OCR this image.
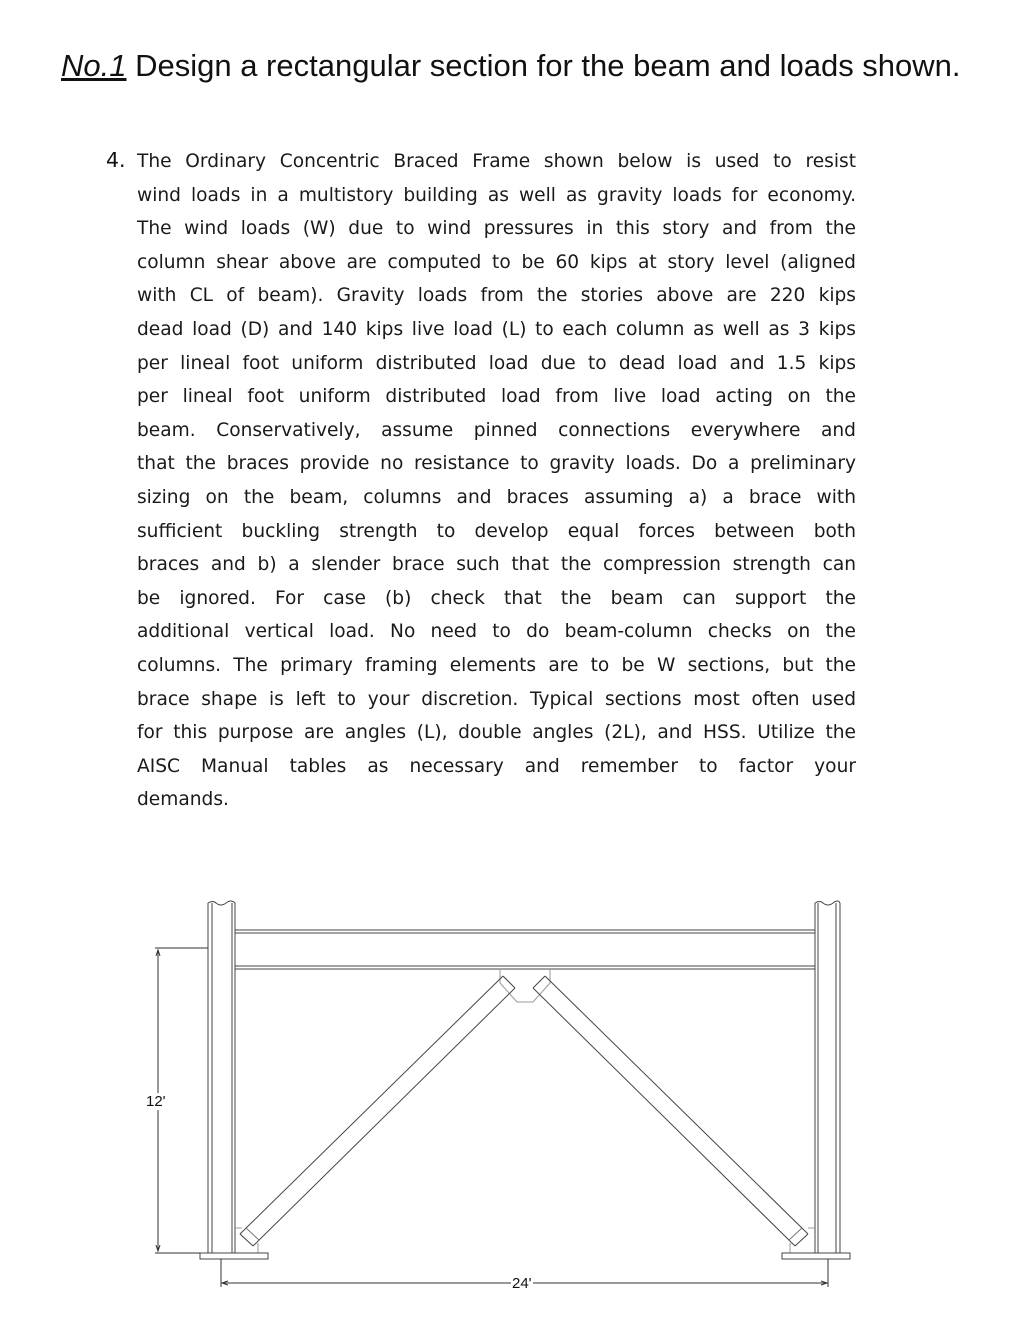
No.1 Design a rectangular section for the beam and loads shown.
4. The Ordinary Concentric Braced Frame shown below is used to resist
wind loads in a multistory building as well as gravity loads for economy.
The wind loads (W) due to wind pressures in this story and from the
column shear above are computed to be 60 kips at story level (aligned
with CL of beam). Gravity loads from the stories above are 220 kips
dead load (D) and 140 kips live load (L) to each column as well as 3 kips
per lineal foot uniform distributed load due to dead load and 1.5 kips
per lineal foot uniform distributed load from live load acting on the
beam. Conservatively, assume pinned connections everywhere and
that the braces provide no resistance to gravity loads. Do a preliminary
sizing on the beam, columns and braces assuming a) a brace with
sufficient buckling strength to develop equal forces between both
braces and b) a slender brace such that the compression strength can
be ignored. For case (b) check that the beam can support the
additional vertical load. No need to do beam-column checks on the
columns. The primary framing elements are to be W sections, but the
brace shape is left to your discretion. Typical sections most often used
for this purpose are angles (L), double angles (2L), and HSS. Utilize the
AISC Manual tables as necessary and remember to factor your
demands.
12'
24'
